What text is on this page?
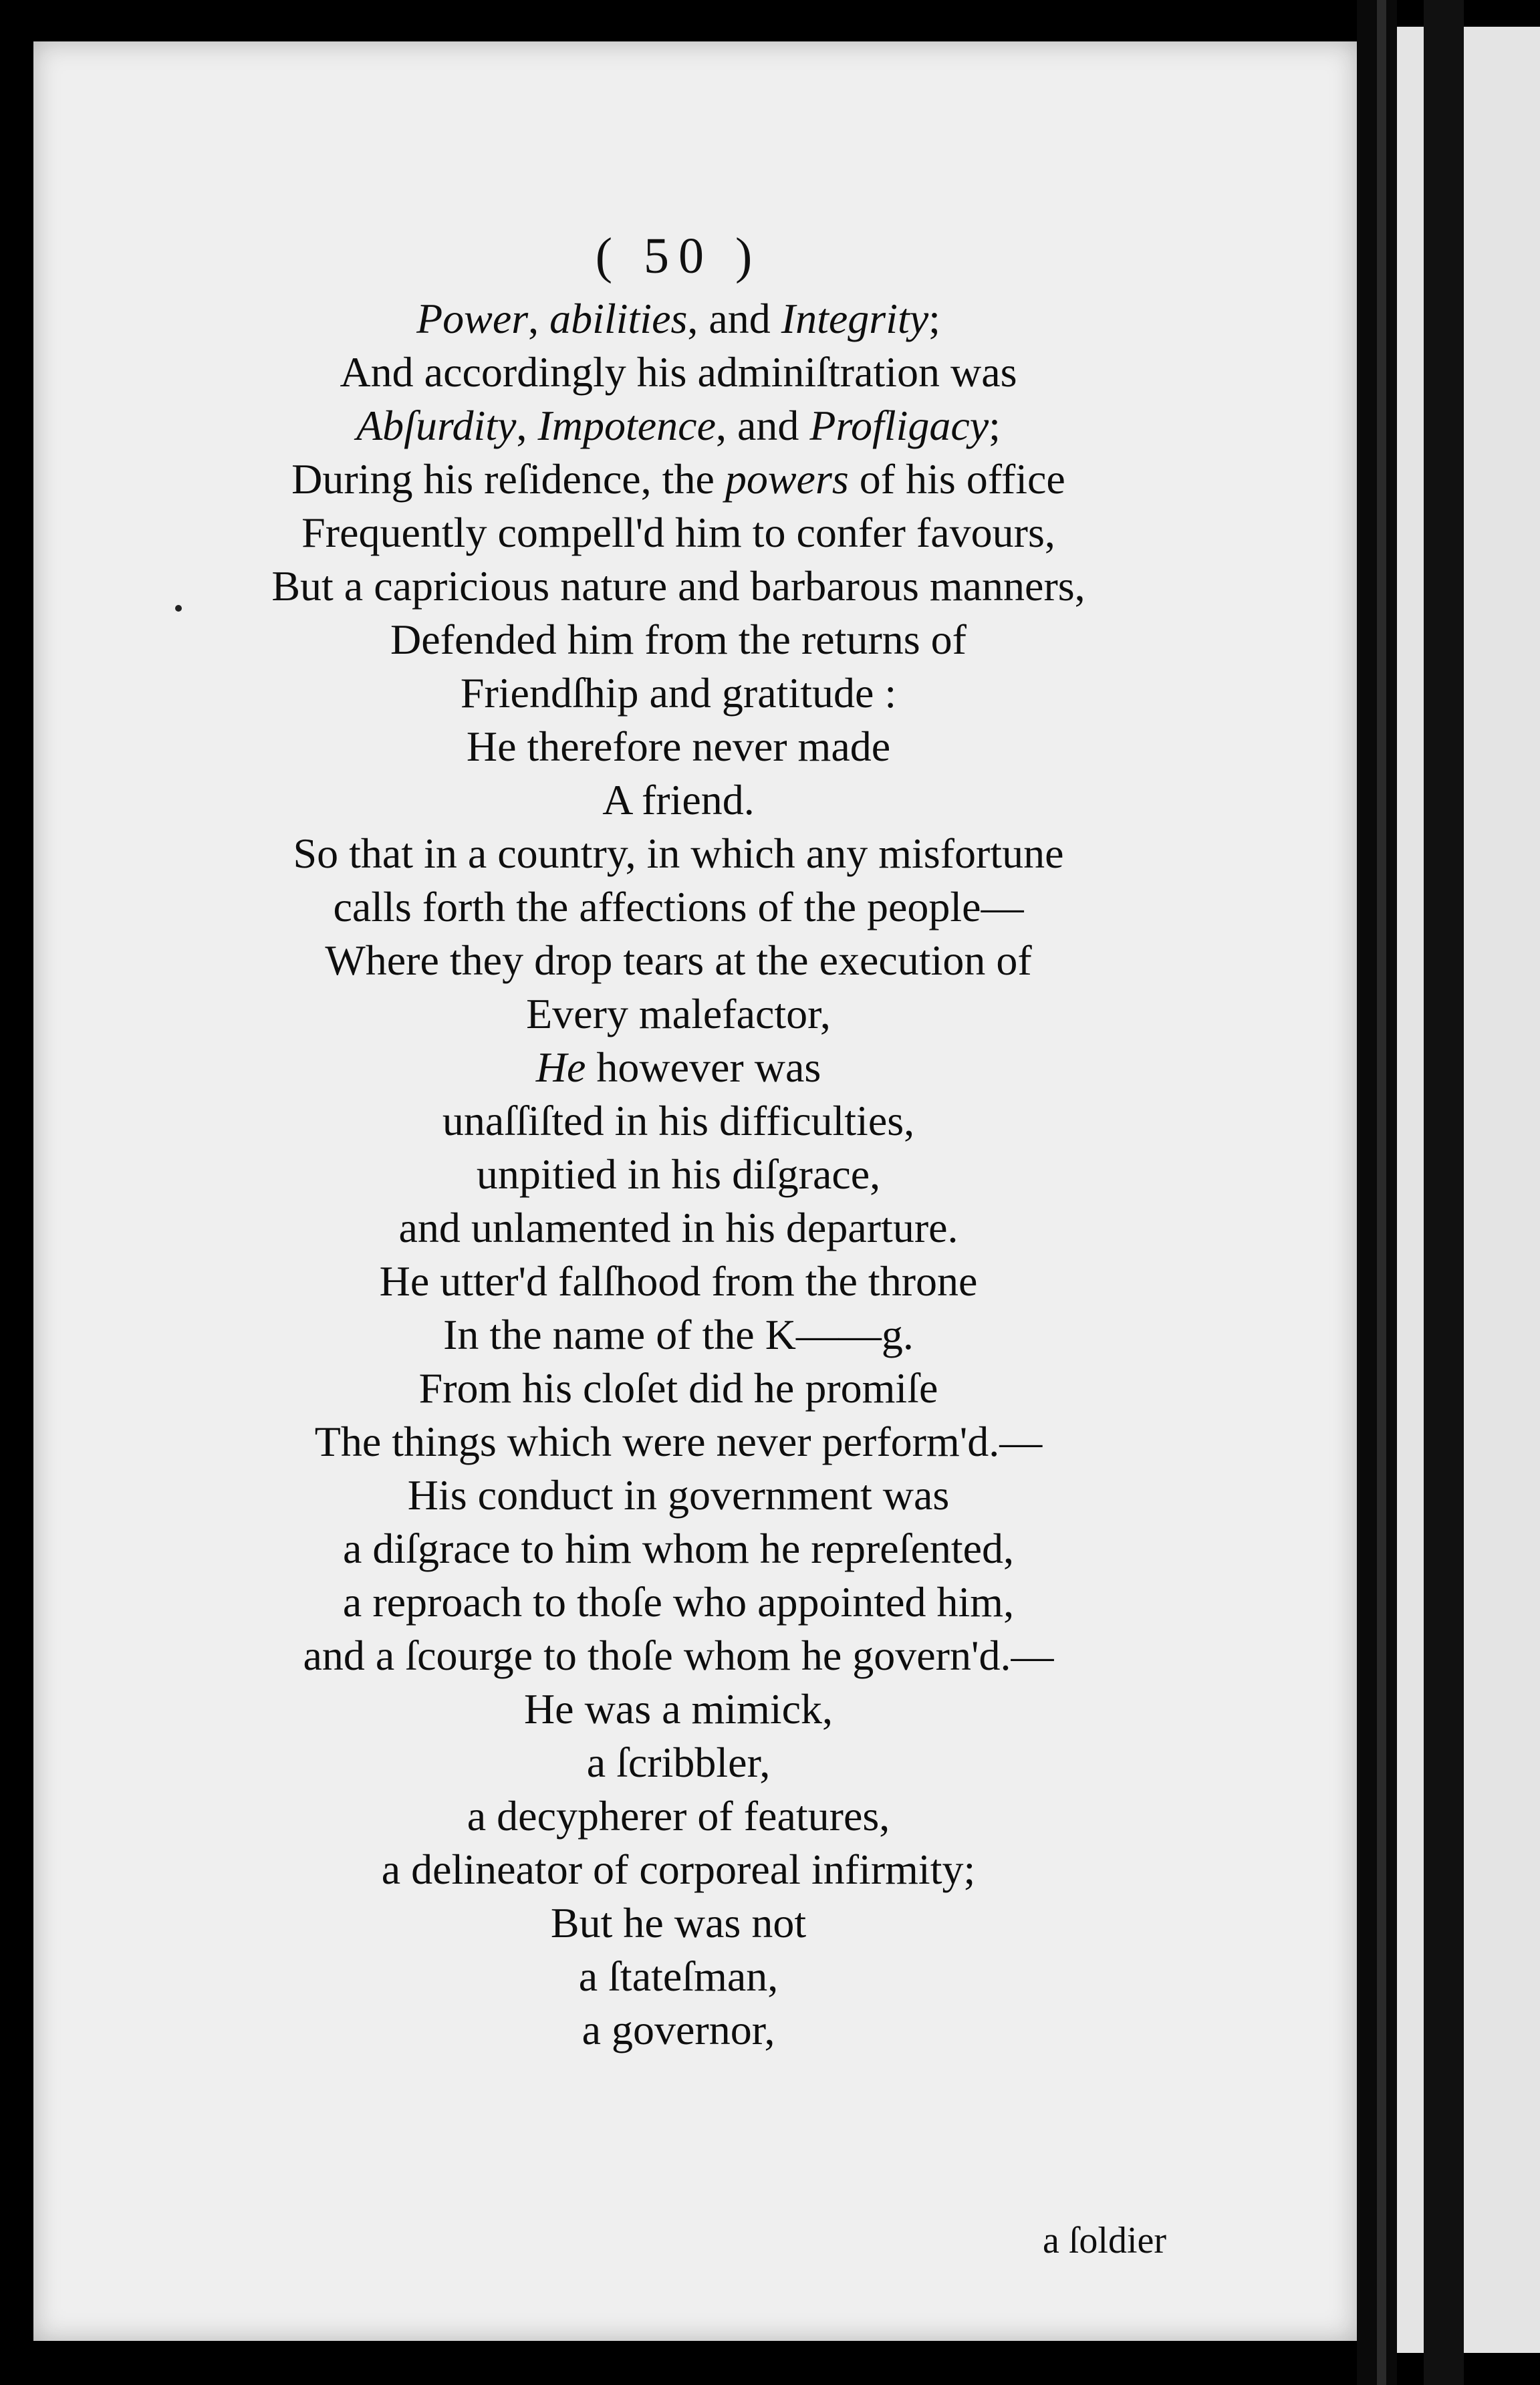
( 50 )
Power, abilities, and Integrity;
And accordingly his adminiſtration was
Abſurdity, Impotence, and Profligacy;
During his reſidence, the powers of his office
Frequently compell'd him to confer favours,
But a capricious nature and barbarous manners,
Defended him from the returns of
Friendſhip and gratitude :
He therefore never made
A friend.
So that in a country, in which any misfortune
calls forth the affections of the people—
Where they drop tears at the execution of
Every malefactor,
He however was
unaſſiſted in his difficulties,
unpitied in his diſgrace,
and unlamented in his departure.
He utter'd falſhood from the throne
In the name of the K——g.
From his cloſet did he promiſe
The things which were never perform'd.—
His conduct in government was
a diſgrace to him whom he repreſented,
a reproach to thoſe who appointed him,
and a ſcourge to thoſe whom he govern'd.—
He was a mimick,
a ſcribbler,
a decypherer of features,
a delineator of corporeal infirmity;
But he was not
a ſtateſman,
a governor,
a ſoldier
